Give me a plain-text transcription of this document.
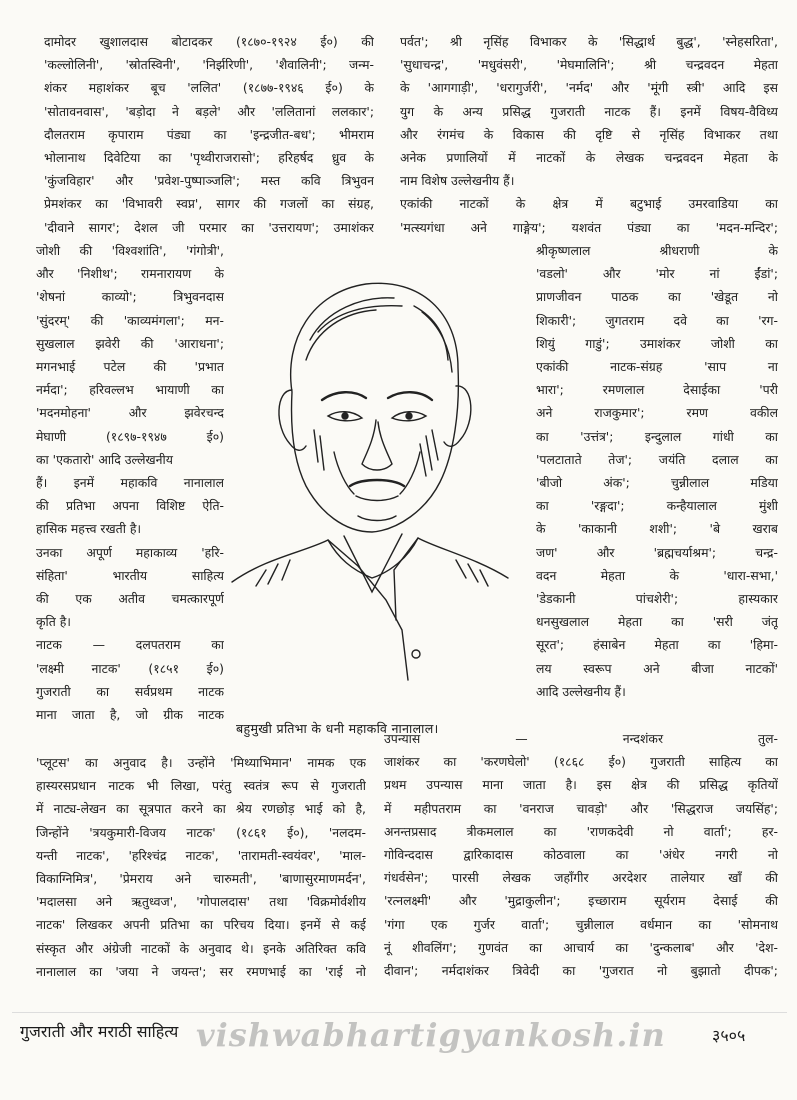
दामोदर खुशालदास बोटादकर (१८७०-१९२४ ई०) की
'कल्लोलिनी', 'स्रोतस्विनी', 'निर्झरिणी', 'शैवालिनी'; जन्म-
शंकर महाशंकर बूच 'ललित' (१८७७-१९४६ ई०) के
'सोतावनवास', 'बड़ोदा ने बड़ले' और 'ललितानां ललकार';
दौलतराम कृपाराम पंड्या का 'इन्द्रजीत-बध'; भीमराम
भोलानाथ दिवेटिया का 'पृथ्वीराजरासो'; हरिहर्षद ध्रुव के
'कुंजविहार' और 'प्रवेश-पुष्पाञ्जलि'; मस्त कवि त्रिभुवन
प्रेमशंकर का 'विभावरी स्वप्न', सागर की गजलों का संग्रह,
'दीवाने सागर'; देशल जी परमार का 'उत्तरायण'; उमाशंकर
जोशी की 'विश्वशांति', 'गंगोत्री',
और 'निशीथ'; रामनारायण के
'शेषनां काव्यो'; त्रिभुवनदास
'सुंदरम्' की 'काव्यमंगला'; मन-
सुखलाल झवेरी की 'आराधना';
मगनभाई पटेल की 'प्रभात
नर्मदा'; हरिवल्लभ भायाणी का
'मदनमोहना' और झवेरचन्द
मेघाणी (१८९७-१९४७ ई०)
का 'एकतारो' आदि उल्लेखनीय
हैं। इनमें महाकवि नानालाल
की प्रतिभा अपना विशिष्ट ऐति-
हासिक महत्त्व रखती है।
उनका अपूर्ण महाकाव्य 'हरि-
संहिता' भारतीय साहित्य
की एक अतीव चमत्कारपूर्ण
कृति है।
नाटक — दलपतराम का
'लक्ष्मी नाटक' (१८५१ ई०)
गुजराती का सर्वप्रथम नाटक
माना जाता है, जो ग्रीक नाटक
'प्लूटस' का अनुवाद है। उन्होंने 'मिथ्याभिमान' नामक एक
हास्यरसप्रधान नाटक भी लिखा, परंतु स्वतंत्र रूप से गुजराती
में नाट्य-लेखन का सूत्रपात करने का श्रेय रणछोड़ भाई को है,
जिन्होंने 'त्रयकुमारी-विजय नाटक' (१८६१ ई०), 'नलदम-
यन्ती नाटक', 'हरिश्चंद्र नाटक', 'तारामती-स्वयंवर', 'माल-
विकाग्निमित्र', 'प्रेमराय अने चारुमती', 'बाणासुरमाणमर्दन',
'मदालसा अने ऋतुध्वज', 'गोपालदास' तथा 'विक्रमोर्वशीय
नाटक' लिखकर अपनी प्रतिभा का परिचय दिया। इनमें से कई
संस्कृत और अंग्रेजी नाटकों के अनुवाद थे। इनके अतिरिक्त कवि
नानालाल का 'जया ने जयन्त'; सर रमणभाई का 'राई नो
पर्वत'; श्री नृसिंह विभाकर के 'सिद्धार्थ बुद्ध', 'स्नेहसरिता',
'सुधाचन्द्र', 'मधुवंसरी', 'मेघमालिनि'; श्री चन्द्रवदन मेहता
के 'आगगाड़ी', 'धरागुर्जरी', 'नर्मद' और 'मूंगी स्त्री' आदि इस
युग के अन्य प्रसिद्ध गुजराती नाटक हैं। इनमें विषय-वैविध्य
और रंगमंच के विकास की दृष्टि से नृसिंह विभाकर तथा
अनेक प्रणालियों में नाटकों के लेखक चन्द्रवदन मेहता के
नाम विशेष उल्लेखनीय हैं।
एकांकी नाटकों के क्षेत्र में बटुभाई उमरवाडिया का
'मत्स्यगंधा अने गाङ्गेय'; यशवंत पंड्या का 'मदन-मन्दिर';
श्रीकृष्णलाल श्रीधराणी के
'वडलो' और 'मोर नां ईंडां';
प्राणजीवन पाठक का 'खेडूत नो
शिकारी'; जुगतराम दवे का 'रग-
शियुं गाडुं'; उमाशंकर जोशी का
एकांकी नाटक-संग्रह 'साप ना
भारा'; रमणलाल देसाईका 'परी
अने राजकुमार'; रमण वकील
का 'उत्तंत्र'; इन्दुलाल गांधी का
'पलटाताते तेज'; जयंति दलाल का
'बीजो अंक'; चुन्नीलाल मडिया
का 'रङ्गदा'; कन्हैयालाल मुंशी
के 'काकानी शशी'; 'बे खराब
जण' और 'ब्रह्मचर्याश्रम'; चन्द्र-
वदन मेहता के 'धारा-सभा,'
'डेडकानी पांचशेरी'; हास्यकार
धनसुखलाल मेहता का 'सरी जंतू
सूरत'; हंसाबेन मेहता का 'हिमा-
लय स्वरूप अने बीजा नाटकों'
आदि उल्लेखनीय हैं।
उपन्यास — नन्दशंकर तुल-
जाशंकर का 'करणघेलो' (१८६८ ई०) गुजराती साहित्य का
प्रथम उपन्यास माना जाता है। इस क्षेत्र की प्रसिद्ध कृतियों
में महीपतराम का 'वनराज चावड़ो' और 'सिद्धराज जयसिंह';
अनन्तप्रसाद त्रीकमलाल का 'राणकदेवी नो वार्ता'; हर-
गोविन्ददास द्वारिकादास कोठवाला का 'अंधेर नगरी नो
गंधर्वसेन'; पारसी लेखक जहाँगीर अरदेशर तालेयार खाँ की
'रत्नलक्ष्मी' और 'मुद्राकुलीन'; इच्छाराम सूर्यराम देसाई की
'गंगा एक गुर्जर वार्ता'; चुन्नीलाल वर्धमान का 'सोमनाथ
नूं शीवलिंग'; गुणवंत का आचार्य का 'दुन्कलाब' और 'देश-
दीवान'; नर्मदाशंकर त्रिवेदी का 'गुजरात नो बुझातो दीपक';
बहुमुखी प्रतिभा के धनी महाकवि नानालाल।
गुजराती और मराठी साहित्य vishwabhartigyankosh.in	३५०५
